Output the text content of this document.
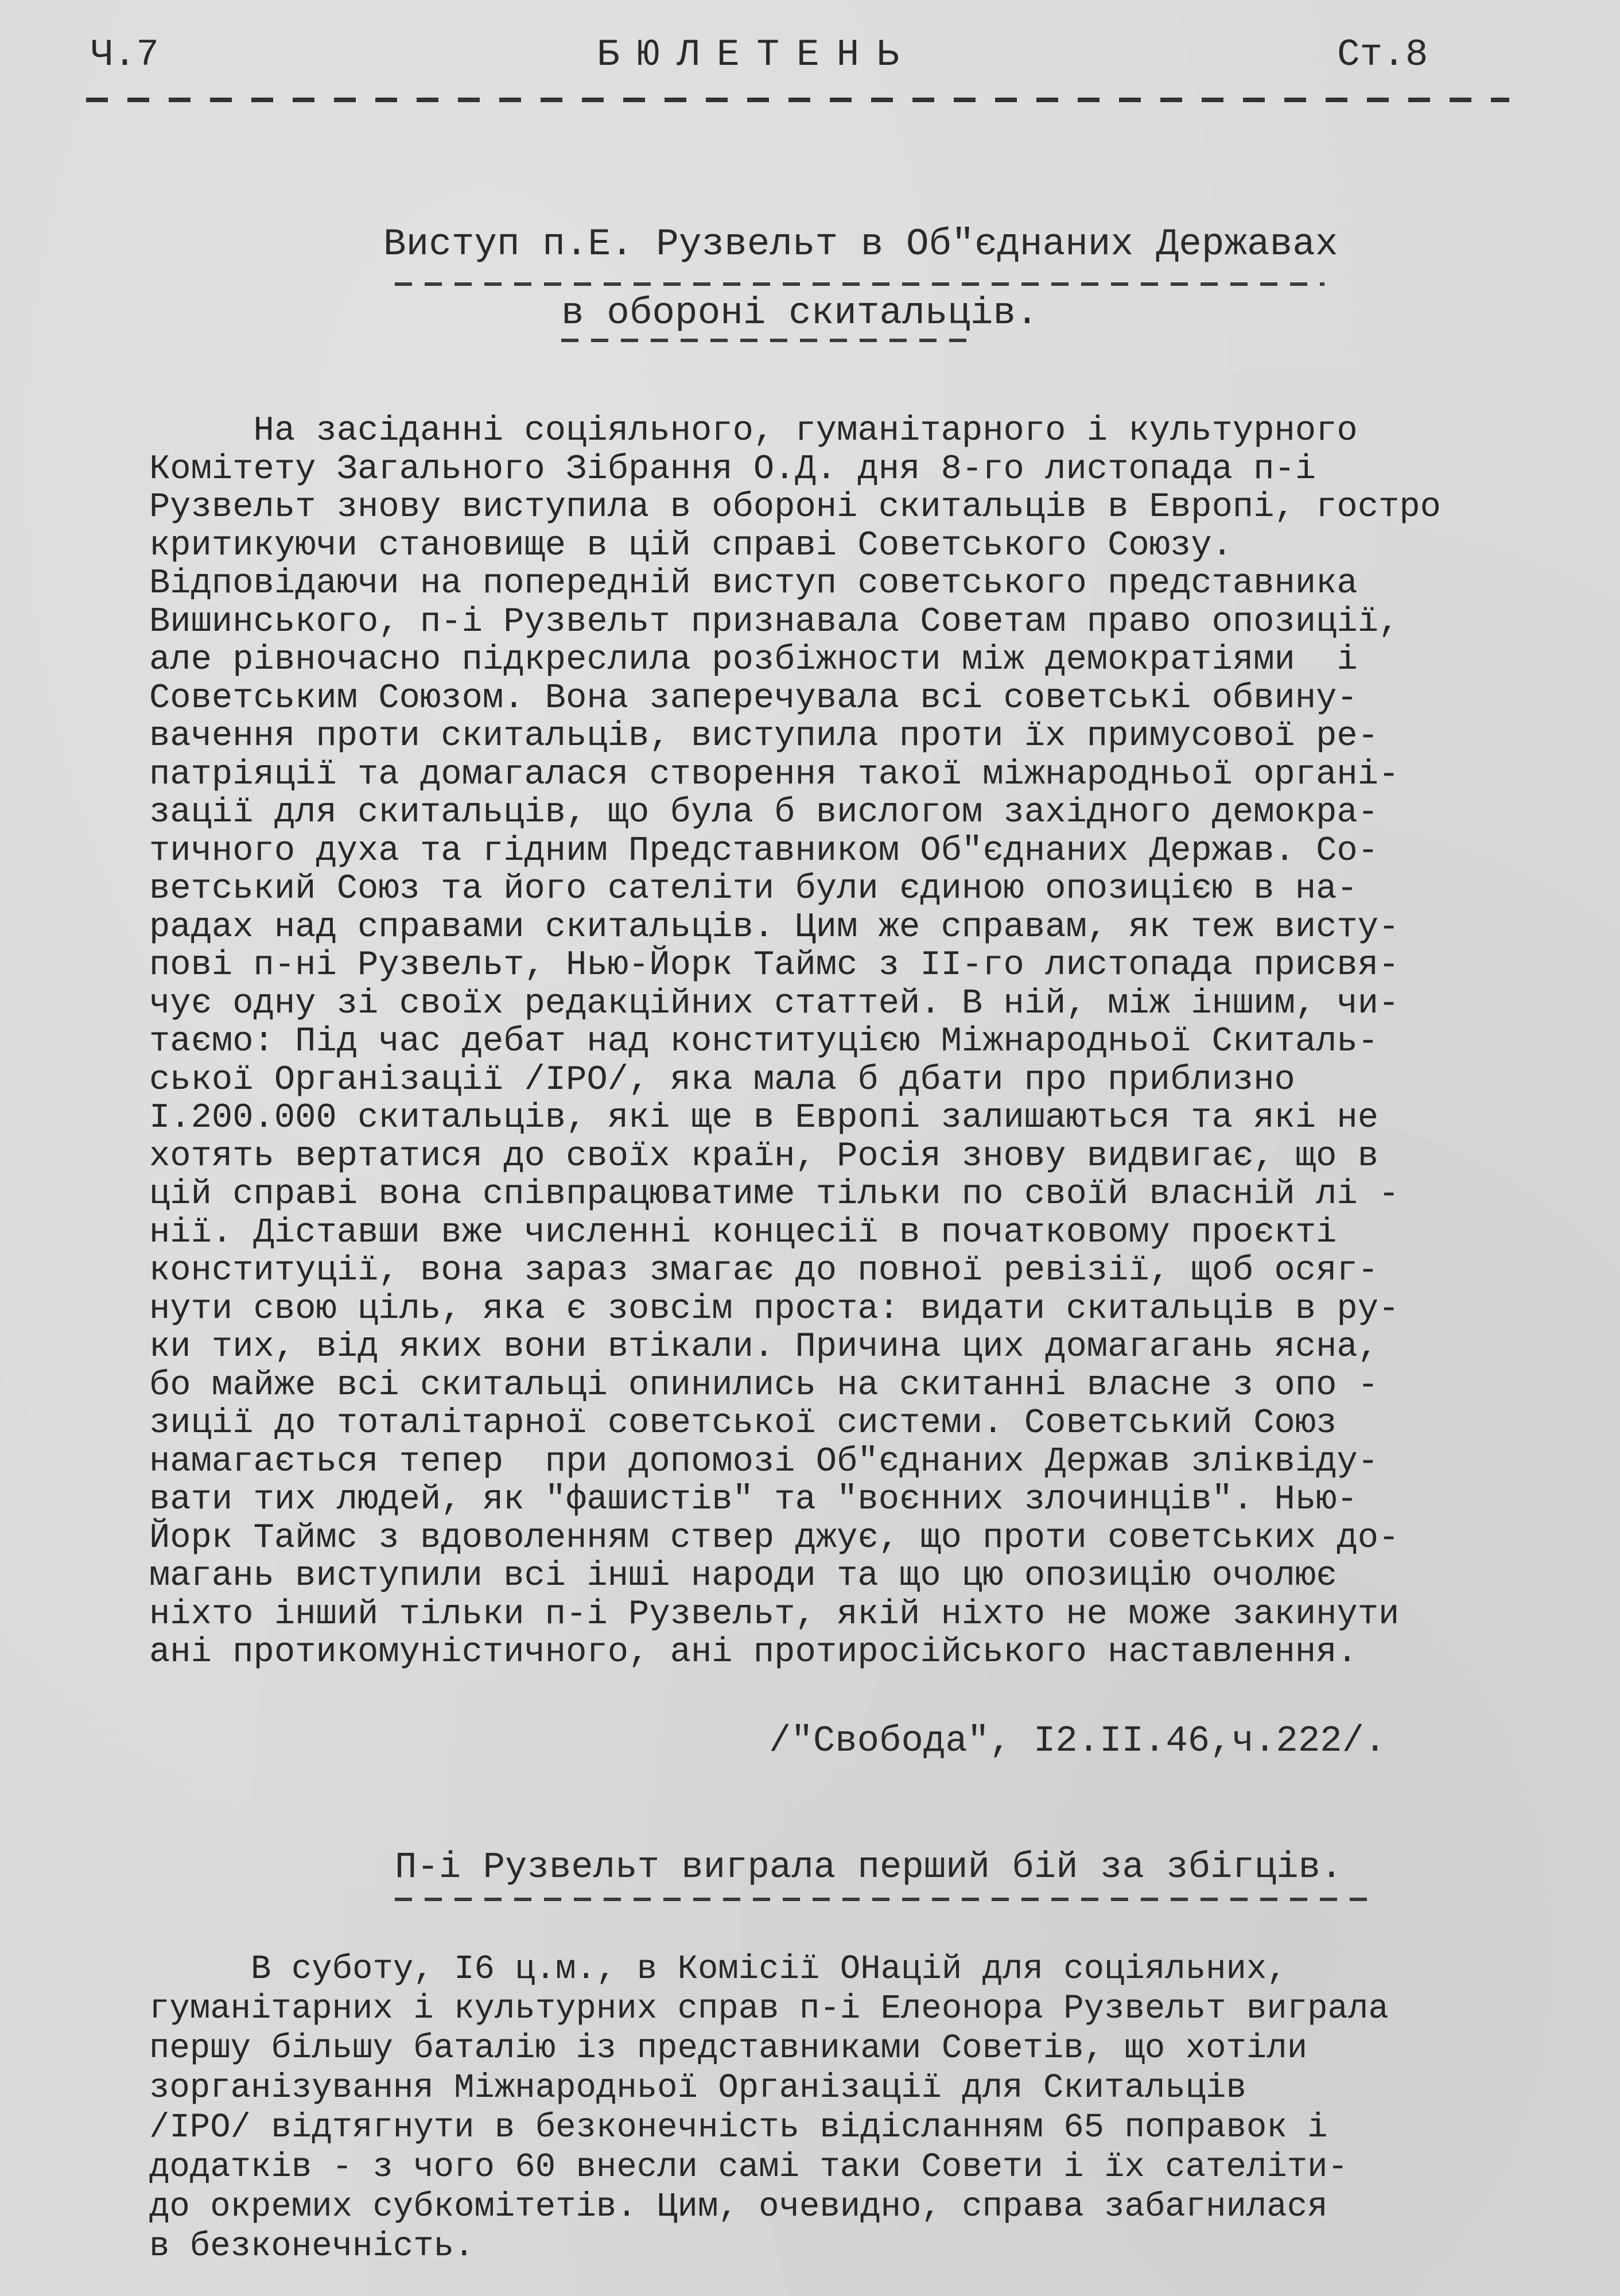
Ч.7	БЮЛЕТЕНЬ	Ст.8
Виступ п.Е. Рузвельт в Об"єднаних Державах
в обороні скитальців.
На засіданні соціяльного, гуманітарного і культурного
Комітету Загального Зібрання О.Д. дня 8-го листопада п-і
Рузвельт знову виступила в обороні скитальців в Европі, гостро
критикуючи становище в цій справі Советського Союзу.
Відповідаючи на попередній виступ советського представника
Вишинського, п-і Рузвельт признавала Советам право опозиції,
але рівночасно підкреслила розбіжности між демократіями  і
Советським Союзом. Вона заперечувала всі советські обвину-
вачення проти скитальців, виступила проти їх примусової ре-
патріяції та домагалася створення такої міжнародньої органі-
зації для скитальців, що була б вислогом західного демокра-
тичного духа та гідним Представником Об"єднаних Держав. Со-
ветський Союз та його сателіти були єдиною опозицією в на-
радах над справами скитальців. Цим же справам, як теж висту-
пові п-ні Рузвельт, Нью-Йорк Таймс з II-го листопада присвя-
чує одну зі своїх редакційних статтей. В ній, між іншим, чи-
таємо: Під час дебат над конституцією Міжнародньої Скиталь-
ської Організації /IPO/, яка мала б дбати про приблизно
I.200.000 скитальців, які ще в Европі залишаються та які не
хотять вертатися до своїх країн, Росія знову видвигає, що в
цій справі вона співпрацюватиме тільки по своїй власній лі -
нії. Діставши вже численні концесії в початковому проєкті
конституції, вона зараз змагає до повної ревізії, щоб осяг-
нути свою ціль, яка є зовсім проста: видати скитальців в ру-
ки тих, від яких вони втікали. Причина цих домагагань ясна,
бо майже всі скитальці опинились на скитанні власне з опо -
зиції до тоталітарної советської системи. Советський Союз
намагається тепер  при допомозі Об"єднаних Держав зліквіду-
вати тих людей, як "фашистів" та "воєнних злочинців". Нью-
Йорк Таймс з вдоволенням ствер джує, що проти советських до-
магань виступили всі інші народи та що цю опозицію очолює
ніхто інший тільки п-і Рузвельт, якій ніхто не може закинути
ані протикомуністичного, ані протиросійського наставлення.
/"Свобода", I2.II.46,ч.222/.
П-і Рузвельт виграла перший бій за збігців.
В суботу, I6 ц.м., в Комісії ОНацій для соціяльних,
гуманітарних і культурних справ п-і Елеонора Рузвельт виграла
першу більшу баталію із представниками Советів, що хотіли
зорганізування Міжнародньої Організації для Скитальців
/IPO/ відтягнути в безконечність відісланням 65 поправок і
додатків - з чого 60 внесли самі таки Совети і їх сателіти-
до окремих субкомітетів. Цим, очевидно, справа забагнилася
в безконечність.
